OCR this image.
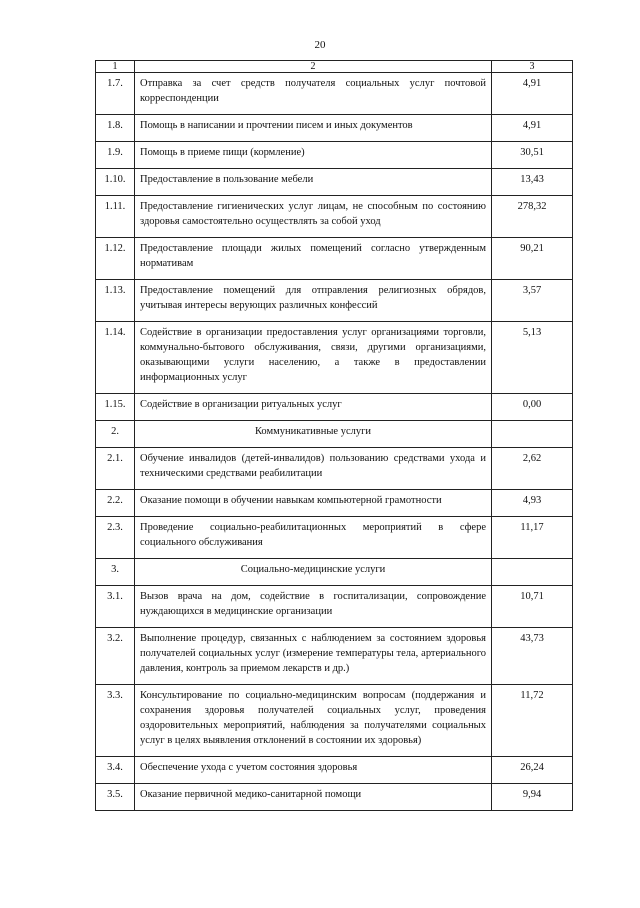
20
1	2	3
1.7.	Отправка за счет средств получателя социальных услуг почтовой корреспонденции	4,91
1.8.	Помощь в написании и прочтении писем и иных документов	4,91
1.9.	Помощь в приеме пищи (кормление)	30,51
1.10.	Предоставление в пользование мебели	13,43
1.11.	Предоставление гигиенических услуг лицам, не способным по состоянию здоровья самостоятельно осуществлять за собой уход	278,32
1.12.	Предоставление площади жилых помещений согласно утвержденным нормативам	90,21
1.13.	Предоставление помещений для отправления религиозных обрядов, учитывая интересы верующих различных конфессий	3,57
1.14.	Содействие в организации предоставления услуг организациями торговли, коммунально-бытового обслуживания, связи, другими организациями, оказывающими услуги населению, а также в предоставлении информационных услуг	5,13
1.15.	Содействие в организации ритуальных услуг	0,00
2.	Коммуникативные услуги	
2.1.	Обучение инвалидов (детей-инвалидов) пользованию средствами ухода и техническими средствами реабилитации	2,62
2.2.	Оказание помощи в обучении навыкам компьютерной грамотности	4,93
2.3.	Проведение социально-реабилитационных мероприятий в сфере социального обслуживания	11,17
3.	Социально-медицинские услуги	
3.1.	Вызов врача на дом, содействие в госпитализации, сопровождение нуждающихся в медицинские организации	10,71
3.2.	Выполнение процедур, связанных с наблюдением за состоянием здоровья получателей социальных услуг (измерение температуры тела, артериального давления, контроль за приемом лекарств и др.)	43,73
3.3.	Консультирование по социально-медицинским вопросам (поддержания и сохранения здоровья получателей социальных услуг, проведения оздоровительных мероприятий, наблюдения за получателями социальных услуг в целях выявления отклонений в состоянии их здоровья)	11,72
3.4.	Обеспечение ухода с учетом состояния здоровья	26,24
3.5.	Оказание первичной медико-санитарной помощи	9,94
